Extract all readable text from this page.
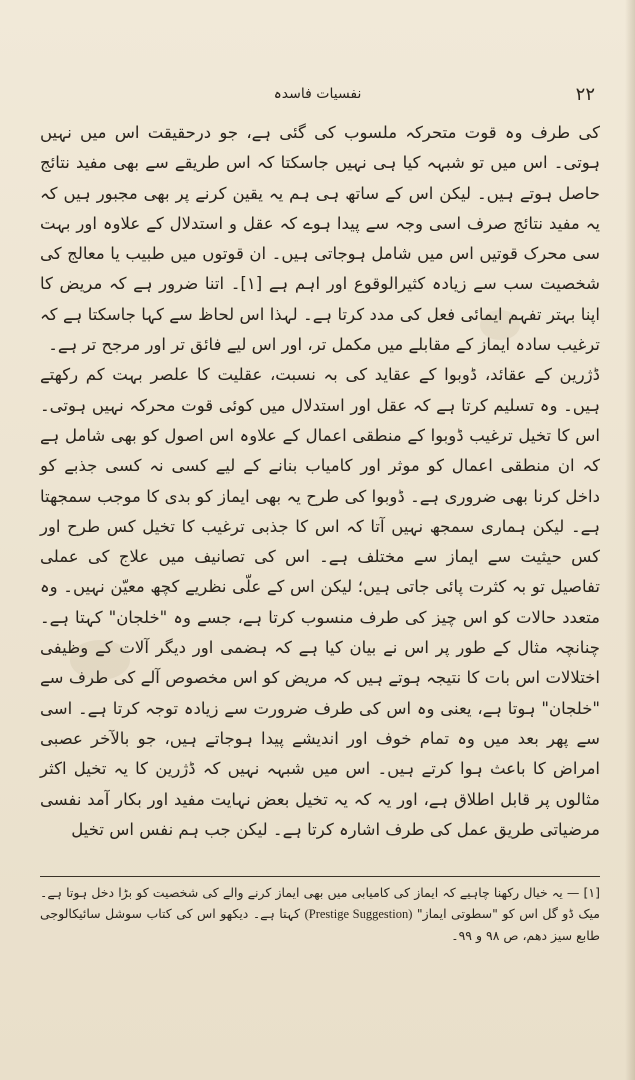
۲۲
نفسیات فاسدہ

کی طرف وہ قوت متحرکہ ملسوب کی گئی ہے، جو درحقیقت اس میں نہیں ہوتی۔ اس میں تو شبہہ کیا ہی نہیں جاسکتا کہ اس طریقے سے بھی مفید نتائج حاصل ہوتے ہیں۔ لیکن اس کے ساتھ ہی ہم یہ یقین کرنے پر بھی مجبور ہیں کہ یہ مفید نتائج صرف اسی وجہ سے پیدا ہوے کہ عقل و استدلال کے علاوہ اور بہت سی محرک قوتیں اس میں شامل ہوجاتی ہیں۔ ان قوتوں میں طبیب یا معالج کی شخصیت سب سے زیادہ کثیرالوقوع اور اہم ہے [۱]۔ اتنا ضرور ہے کہ مریض کا اپنا بہتر تفہم ایمائی فعل کی مدد کرتا ہے۔ لہذا اس لحاظ سے کہا جاسکتا ہے کہ ترغیب سادہ ایماز کے مقابلے میں مکمل تر، اور اس لیے فائق تر اور مرجح تر ہے۔

ڈژرین کے عقائد، ڈوبوا کے عقاید کی بہ نسبت، عقلیت کا علصر بہت کم رکھتے ہیں۔ وہ تسلیم کرتا ہے کہ عقل اور استدلال میں کوئی قوت محرکہ نہیں ہوتی۔ اس کا تخیل ترغیب ڈوبوا کے منطقی اعمال کے علاوہ اس اصول کو بھی شامل ہے کہ ان منطقی اعمال کو موثر اور کامیاب بنانے کے لیے کسی نہ کسی جذبے کو داخل کرنا بھی ضروری ہے۔ ڈوبوا کی طرح یہ بھی ایماز کو بدی کا موجب سمجھتا ہے۔ لیکن ہماری سمجھ نہیں آتا کہ اس کا جذبی ترغیب کا تخیل کس طرح اور کس حیثیت سے ایماز سے مختلف ہے۔ اس کی تصانیف میں علاج کی عملی تفاصیل تو بہ کثرت پائی جاتی ہیں؛ لیکن اس کے علّی نظریے کچھ معیّن نہیں۔ وہ متعدد حالات کو اس چیز کی طرف منسوب کرتا ہے، جسے وہ "خلجان" کہتا ہے۔ چنانچہ مثال کے طور پر اس نے بیان کیا ہے کہ ہضمی اور دیگر آلات کے وظیفی اختلالات اس بات کا نتیجہ ہوتے ہیں کہ مریض کو اس مخصوص آلے کی طرف سے "خلجان" ہوتا ہے، یعنی وہ اس کی طرف ضرورت سے زیادہ توجہ کرتا ہے۔ اسی سے پھر بعد میں وہ تمام خوف اور اندیشے پیدا ہوجاتے ہیں، جو بالآخر عصبی امراض کا باعث ہوا کرتے ہیں۔ اس میں شبہہ نہیں کہ ڈژرین کا یہ تخیل اکثر مثالوں پر قابل اطلاق ہے، اور یہ کہ یہ تخیل بعض نہایت مفید اور بکار آمد نفسی مرضیاتی طریق عمل کی طرف اشارہ کرتا ہے۔ لیکن جب ہم نفس اس تخیل

[۱] — یہ خیال رکھنا چاہیے کہ ایماز کی کامیابی میں بھی ایماز کرنے والے کی شخصیت کو بڑا دخل ہوتا ہے۔ میک ڈو گل اس کو "سطوتی ایماز" (Prestige Suggestion) کہتا ہے۔ دیکھو اس کی کتاب سوشل سائیکالوجی طابع سیز دھم، ص ۹۸ و ۹۹۔
